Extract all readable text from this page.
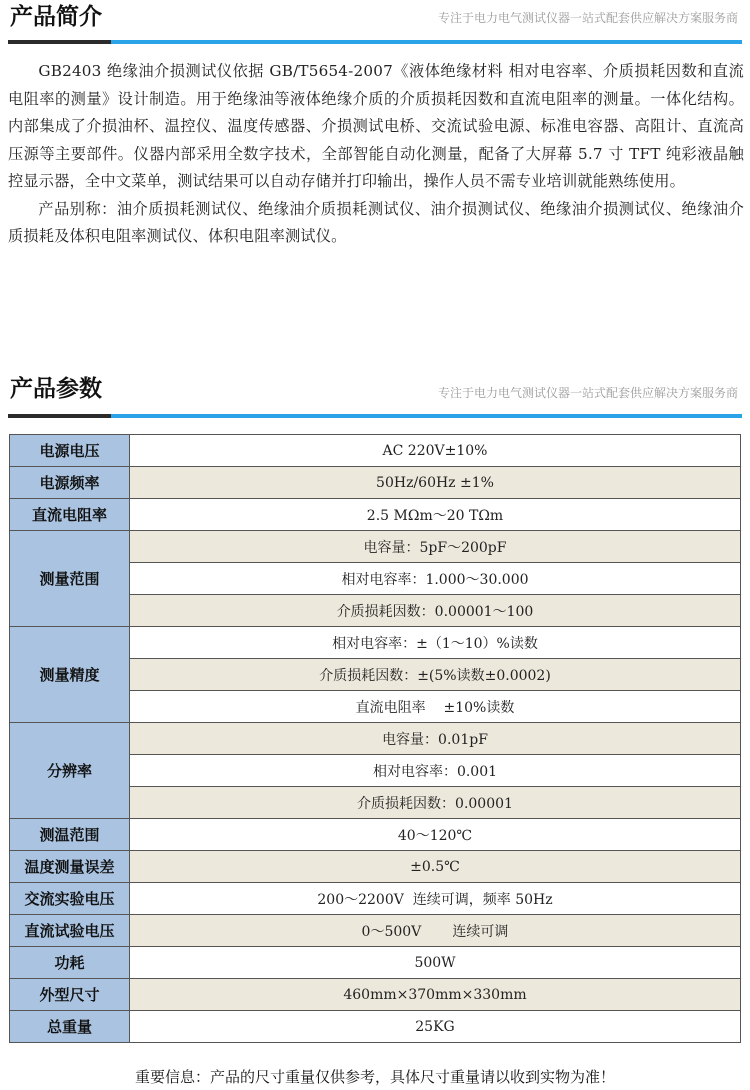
产品简介	专注于电力电气测试仪器一站式配套供应解决方案服务商

GB2403 绝缘油介损测试仪依据 GB/T5654-2007《液体绝缘材料 相对电容率、介质损耗因数和直流电阻率的测量》设计制造。用于绝缘油等液体绝缘介质的介质损耗因数和直流电阻率的测量。一体化结构。内部集成了介损油杯、温控仪、温度传感器、介损测试电桥、交流试验电源、标准电容器、高阻计、直流高压源等主要部件。仪器内部采用全数字技术，全部智能自动化测量，配备了大屏幕 5.7 寸 TFT 纯彩液晶触控显示器，全中文菜单，测试结果可以自动存储并打印输出，操作人员不需专业培训就能熟练使用。

产品别称：油介质损耗测试仪、绝缘油介质损耗测试仪、油介损测试仪、绝缘油介损测试仪、绝缘油介质损耗及体积电阻率测试仪、体积电阻率测试仪。

产品参数	专注于电力电气测试仪器一站式配套供应解决方案服务商
电源电压	AC 220V±10%
电源频率	50Hz/60Hz ±1%
直流电阻率	2.5 MΩm～20 TΩm
测量范围	电容量：5pF～200pF
	相对电容率：1.000～30.000
	介质损耗因数：0.00001～100
测量精度	相对电容率：±（1～10）%读数
	介质损耗因数：±(5%读数±0.0002)
	直流电阻率    ±10%读数
分辨率	电容量：0.01pF
	相对电容率：0.001
	介质损耗因数：0.00001
测温范围	40～120℃
温度测量误差	±0.5℃
交流实验电压	200～2200V  连续可调，频率 50Hz
直流试验电压	0～500V       连续可调
功耗	500W
外型尺寸	460mm×370mm×330mm
总重量	25KG
重要信息：产品的尺寸重量仅供参考，具体尺寸重量请以收到实物为准！
